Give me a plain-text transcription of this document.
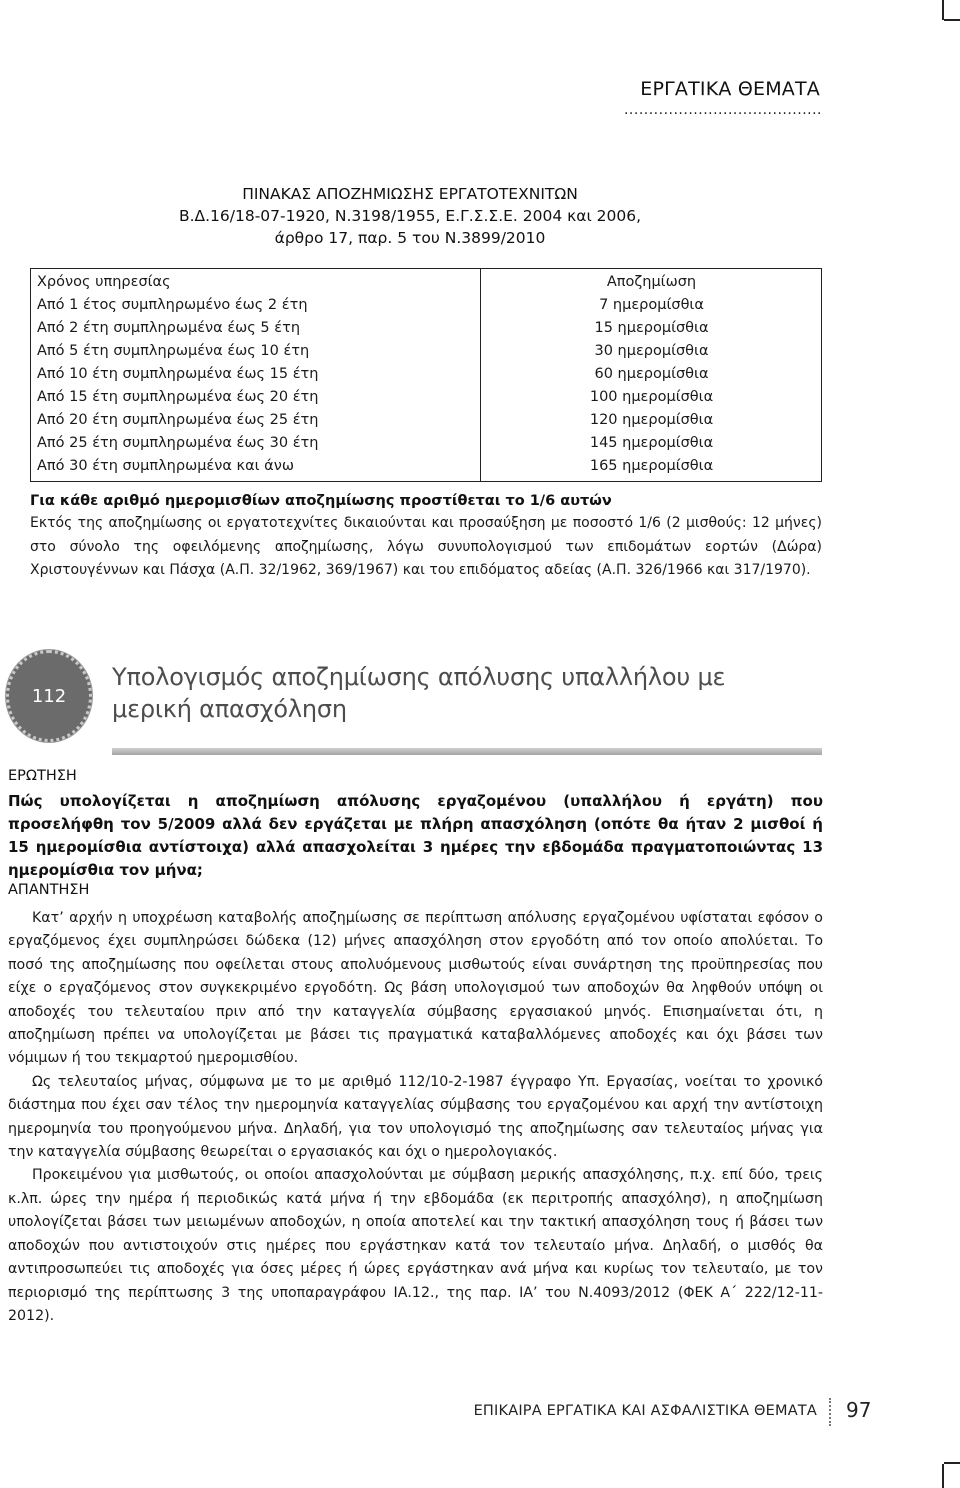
ΕΡΓΑΤΙΚΑ ΘΕΜΑΤΑ
........................................
ΠΙΝΑΚΑΣ ΑΠΟΖΗΜΙΩΣΗΣ ΕΡΓΑΤΟΤΕΧΝΙΤΩΝ
Β.Δ.16/18-07-1920, Ν.3198/1955, Ε.Γ.Σ.Σ.Ε. 2004 και 2006,
άρθρο 17, παρ. 5 του Ν.3899/2010
Χρόνος υπηρεσίας
Από 1 έτος συμπληρωμένο έως 2 έτη
Από 2 έτη συμπληρωμένα έως 5 έτη
Από 5 έτη συμπληρωμένα έως 10 έτη
Από 10 έτη συμπληρωμένα έως 15 έτη
Από 15 έτη συμπληρωμένα έως 20 έτη
Από 20 έτη συμπληρωμένα έως 25 έτη
Από 25 έτη συμπληρωμένα έως 30 έτη
Από 30 έτη συμπληρωμένα και άνω
Αποζημίωση
7 ημερομίσθια
15 ημερομίσθια
30 ημερομίσθια
60 ημερομίσθια
100 ημερομίσθια
120 ημερομίσθια
145 ημερομίσθια
165 ημερομίσθια
Για κάθε αριθμό ημερομισθίων αποζημίωσης προστίθεται το 1/6 αυτών
Εκτός της αποζημίωσης οι εργατοτεχνίτες δικαιούνται και προσαύξηση με ποσοστό 1/6 (2 μισθούς: 12 μήνες) στο σύνολο της οφειλόμενης αποζημίωσης, λόγω συνυπολογισμού των επιδομάτων εορτών (Δώρα) Χριστουγέννων και Πάσχα (Α.Π. 32/1962, 369/1967) και του επιδόματος αδείας (Α.Π. 326/1966 και 317/1970).
112
Υπολογισμός αποζημίωσης απόλυσης υπαλλήλου με μερική απασχόληση
ΕΡΩΤΗΣΗ
Πώς υπολογίζεται η αποζημίωση απόλυσης εργαζομένου (υπαλλήλου ή εργάτη) που προσελήφθη τον 5/2009 αλλά δεν εργάζεται με πλήρη απασχόληση (οπότε θα ήταν 2 μισθοί ή 15 ημερομίσθια αντίστοιχα) αλλά απασχολείται 3 ημέρες την εβδομάδα πραγματοποιώντας 13 ημερομίσθια τον μήνα;
ΑΠΑΝΤΗΣΗ

Κατ’ αρχήν η υποχρέωση καταβολής αποζημίωσης σε περίπτωση απόλυσης εργαζομένου υφίσταται εφόσον ο εργαζόμενος έχει συμπληρώσει δώδεκα (12) μήνες απασχόληση στον εργοδότη από τον οποίο απολύεται. Το ποσό της αποζημίωσης που οφείλεται στους απολυόμενους μισθωτούς είναι συνάρτηση της προϋπηρεσίας που είχε ο εργαζόμενος στον συγκεκριμένο εργοδότη. Ως βάση υπολογισμού των αποδοχών θα ληφθούν υπόψη οι αποδοχές του τελευταίου πριν από την καταγγελία σύμβασης εργασιακού μηνός. Επισημαίνεται ότι, η αποζημίωση πρέπει να υπολογίζεται με βάσει τις πραγματικά καταβαλλόμενες αποδοχές και όχι βάσει των νόμιμων ή του τεκμαρτού ημερομισθίου.

Ως τελευταίος μήνας, σύμφωνα με το με αριθμό 112/10-2-1987 έγγραφο Υπ. Εργασίας, νοείται το χρονικό διάστημα που έχει σαν τέλος την ημερομηνία καταγγελίας σύμβασης του εργαζομένου και αρχή την αντίστοιχη ημερομηνία του προηγούμενου μήνα. Δηλαδή, για τον υπολογισμό της αποζημίωσης σαν τελευταίος μήνας για την καταγγελία σύμβασης θεωρείται ο εργασιακός και όχι ο ημερολογιακός.

Προκειμένου για μισθωτούς, οι οποίοι απασχολούνται με σύμβαση μερικής απασχόλησης, π.χ. επί δύο, τρεις κ.λπ. ώρες την ημέρα ή περιοδικώς κατά μήνα ή την εβδομάδα (εκ περιτροπής απασχόλησ), η αποζημίωση υπολογίζεται βάσει των μειωμένων αποδοχών, η οποία αποτελεί και την τακτική απασχόληση τους ή βάσει των αποδοχών που αντιστοιχούν στις ημέρες που εργάστηκαν κατά τον τελευταίο μήνα. Δηλαδή, ο μισθός θα αντιπροσωπεύει τις αποδοχές για όσες μέρες ή ώρες εργάστηκαν ανά μήνα και κυρίως τον τελευταίο, με τον περιορισμό της περίπτωσης 3 της υποπαραγράφου ΙΑ.12., της παρ. ΙΑ’ του Ν.4093/2012 (ΦΕΚ Α΄ 222/12-11-2012).

ΕΠΙΚΑΙΡΑ ΕΡΓΑΤΙΚΑ ΚΑΙ ΑΣΦΑΛΙΣΤΙΚΑ ΘΕΜΑΤΑ 97
